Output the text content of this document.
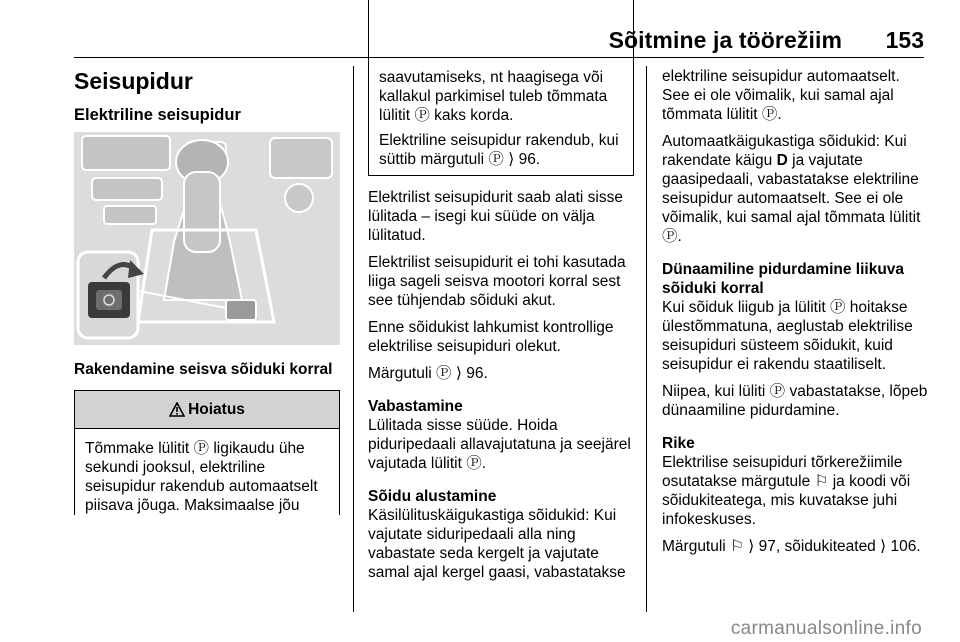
Sõitmine ja töörežiim 153
Seisupidur
Elektriline seisupidur
Rakendamine seisva sõiduki korral
Hoiatus
Tõmmake lülitit Ⓟ ligikaudu ühe sekundi jooksul, elektriline seisupidur rakendub automaatselt piisava jõuga. Maksimaalse jõu

saavutamiseks, nt haagisega või kallakul parkimisel tuleb tõmmata lülitit Ⓟ kaks korda.

Elektriline seisupidur rakendub, kui süttib märgutuli Ⓟ ⟩ 96.

Elektrilist seisupidurit saab alati sisse lülitada – isegi kui süüde on välja lülitatud.

Elektrilist seisupidurit ei tohi kasutada liiga sageli seisva mootori korral sest see tühjendab sõiduki akut.

Enne sõidukist lahkumist kontrollige elektrilise seisupiduri olekut.

Märgutuli Ⓟ ⟩ 96.

Vabastamine

Lülitada sisse süüde. Hoida piduripedaali allavajutatuna ja seejärel vajutada lülitit Ⓟ.

Sõidu alustamine

Käsilülituskäigukastiga sõidukid: Kui vajutate siduripedaali alla ning vabastate seda kergelt ja vajutate samal ajal kergel gaasi, vabastatakse

elektriline seisupidur automaatselt. See ei ole võimalik, kui samal ajal tõmmata lülitit Ⓟ.

Automaatkäigukastiga sõidukid: Kui rakendate käigu D ja vajutate gaasipedaali, vabastatakse elektriline seisupidur automaatselt. See ei ole võimalik, kui samal ajal tõmmata lülitit Ⓟ.

Dünaamiline pidurdamine liikuva sõiduki korral

Kui sõiduk liigub ja lülitit Ⓟ hoitakse ülestõmmatuna, aeglustab elektrilise seisupiduri süsteem sõidukit, kuid seisupidur ei rakendu staatiliselt.

Niipea, kui lüliti Ⓟ vabastatakse, lõpeb dünaamiline pidurdamine.

Rike

Elektrilise seisupiduri tõrkerežiimile osutatakse märgutule ⚐ ja koodi või sõidukiteatega, mis kuvatakse juhi infokeskuses.

Märgutuli ⚐ ⟩ 97, sõidukiteated ⟩ 106.

carmanualsonline.info
